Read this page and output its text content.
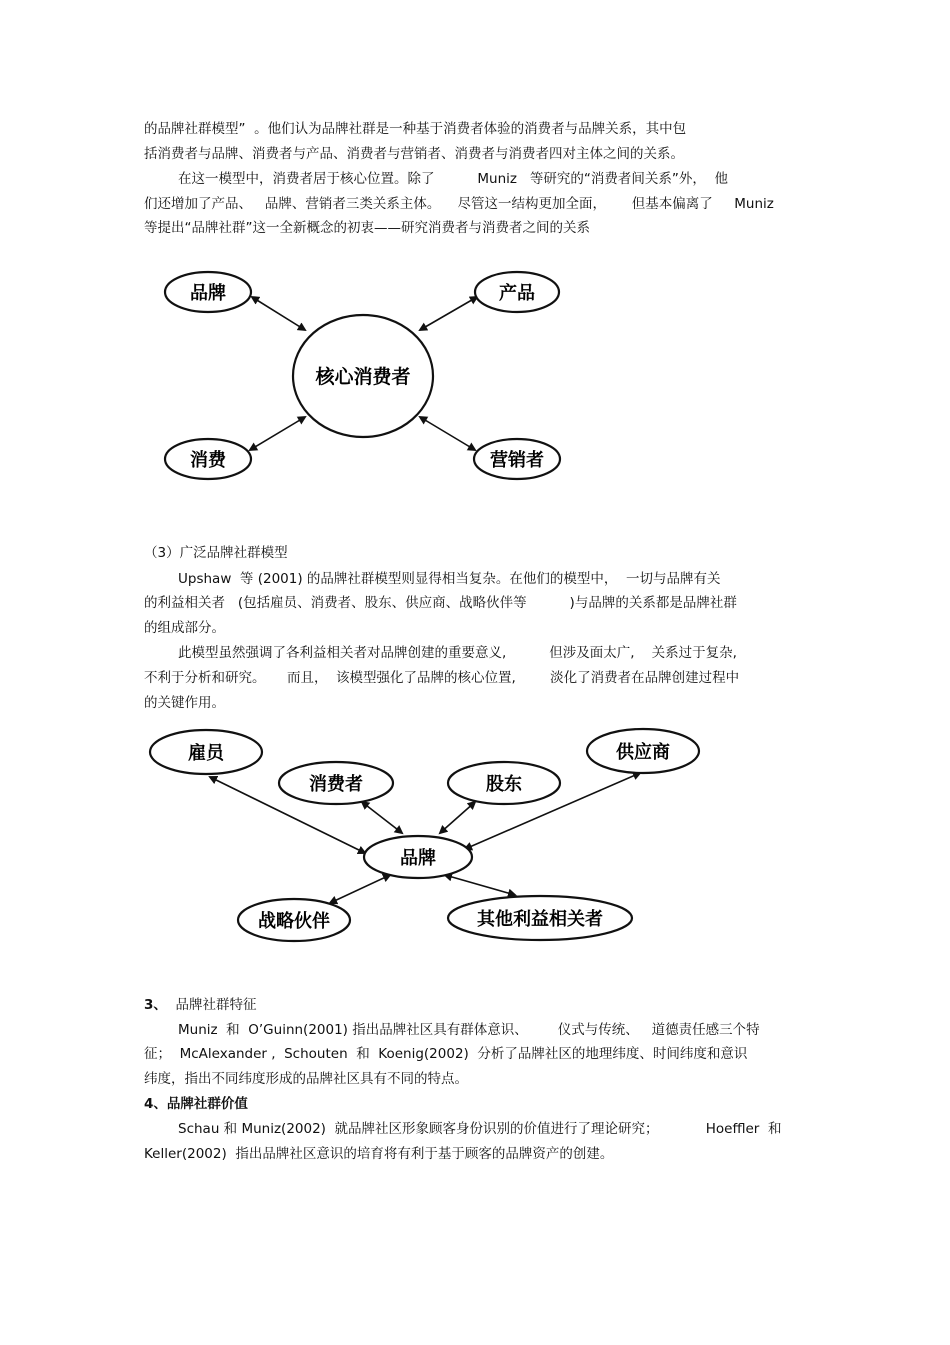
的品牌社群模型”  。他们认为品牌社群是一种基于消费者体验的消费者与品牌关系，其中包
括消费者与品牌、消费者与产品、消费者与营销者、消费者与消费者四对主体之间的关系。
在这一模型中，消费者居于核心位置。除了          Muniz   等研究的“消费者间关系”外，  他
们还增加了产品、   品牌、营销者三类关系主体。    尽管这一结构更加全面，      但基本偏离了     Muniz
等提出“品牌社群”这一全新概念的初衷——研究消费者与消费者之间的关系
核心消费者
品牌	产品
消费	营销者
（3）广泛品牌社群模型
Upshaw  等 (2001) 的品牌社群模型则显得相当复杂。在他们的模型中，  一切与品牌有关
的利益相关者   (包括雇员、消费者、股东、供应商、战略伙伴等          )与品牌的关系都是品牌社群
的组成部分。
此模型虽然强调了各利益相关者对品牌创建的重要意义,          但涉及面太广,    关系过于复杂,
不利于分析和研究。     而且，  该模型强化了品牌的核心位置,        淡化了消费者在品牌创建过程中
的关键作用。
雇员
消费者	股东
供应商
品牌
战略伙伴	其他利益相关者
3、  品牌社群特征
Muniz  和  O’Guinn(2001) 指出品牌社区具有群体意识、       仪式与传统、   道德责任感三个特
征；  McAlexander ,  Schouten  和  Koenig(2002)  分析了品牌社区的地理纬度、时间纬度和意识
纬度，指出不同纬度形成的品牌社区具有不同的特点。
4、品牌社群价值
Schau 和 Muniz(2002)  就品牌社区形象顾客身份识别的价值进行了理论研究；           Hoeffler  和
Keller(2002)  指出品牌社区意识的培育将有利于基于顾客的品牌资产的创建。
